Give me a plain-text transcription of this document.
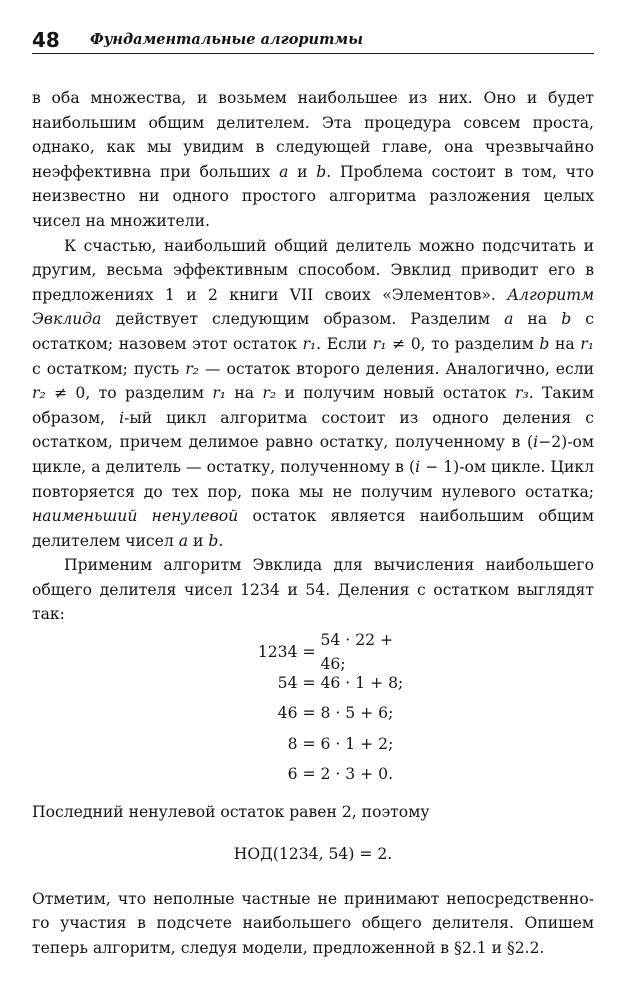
48 Фундаментальные алгоритмы

в оба множества, и возьмем наибольшее из них. Оно и будет наибольшим общим делителем. Эта процедура совсем проста, однако, как мы увидим в следующей главе, она чрезвычайно неэффективна при больших a и b. Проблема состоит в том, что неизвестно ни одного простого алгоритма разложения целых чисел на множители.

К счастью, наибольший общий делитель можно подсчитать и другим, весьма эффективным способом. Эвклид приводит его в предложениях 1 и 2 книги VII своих «Элементов». Алгоритм Эвклида действует следующим образом. Разделим a на b с остатком; назовем этот остаток r₁. Если r₁ ≠ 0, то разделим b на r₁ с остатком; пусть r₂ — остаток второго деления. Аналогично, если r₂ ≠ 0, то разделим r₁ на r₂ и получим новый остаток r₃. Таким образом, i-ый цикл алгоритма состоит из одного деления с остатком, причем делимое равно остатку, полученному в (i−2)-ом цикле, а делитель — остатку, полученному в (i − 1)-ом цикле. Цикл повторяется до тех пор, пока мы не получим нулевого остатка; наименьший ненулевой остаток является наибольшим общим делителем чисел a и b.

Применим алгоритм Эвклида для вычисления наибольшего общего делителя чисел 1234 и 54. Деления с остатком выглядят так:

1234 =
54 · 22 + 46;
54 = 46 · 1 + 8;
46 = 8 · 5 + 6;
8 = 6 · 1 + 2;
6 = 2 · 3 + 0.

Последний ненулевой остаток равен 2, поэтому

НОД(1234, 54) = 2.

Отметим, что неполные частные не принимают непосредственного участия в подсчете наибольшего общего делителя. Опишем теперь алгоритм, следуя модели, предложенной в §2.1 и §2.2.
